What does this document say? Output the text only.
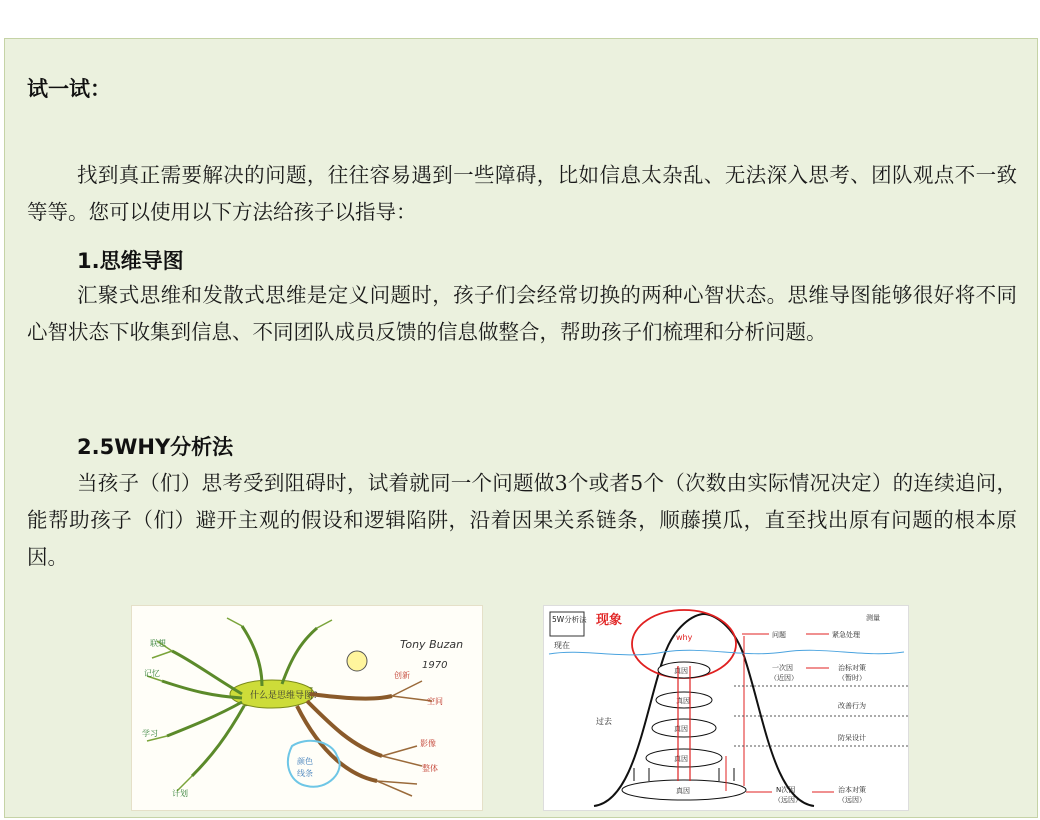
试一试：

找到真正需要解决的问题，往往容易遇到一些障碍，比如信息太杂乱、无法深入思考、团队观点不一致等等。您可以使用以下方法给孩子以指导：

1.思维导图

汇聚式思维和发散式思维是定义问题时，孩子们会经常切换的两种心智状态。思维导图能够很好将不同心智状态下收集到信息、不同团队成员反馈的信息做整合，帮助孩子们梳理和分析问题。

2.5WHY分析法

当孩子（们）思考受到阻碍时，试着就同一个问题做3个或者5个（次数由实际情况决定）的连续追问，能帮助孩子（们）避开主观的假设和逻辑陷阱，沿着因果关系链条，顺藤摸瓜，直至找出原有问题的根本原因。

什么是思维导图?
Tony Buzan
1970
联想
记忆
学习
计划
创新
空间
影像
整体
颜色
线条
5W分析法 现象
现在
过去
测量
why
真因
真因
真因
真因
真因
问题	紧急处理
一次因
（近因）
治标对策
（暂时）
改善行为
防呆设计
N次因
（远因）
治本对策
（远因）
